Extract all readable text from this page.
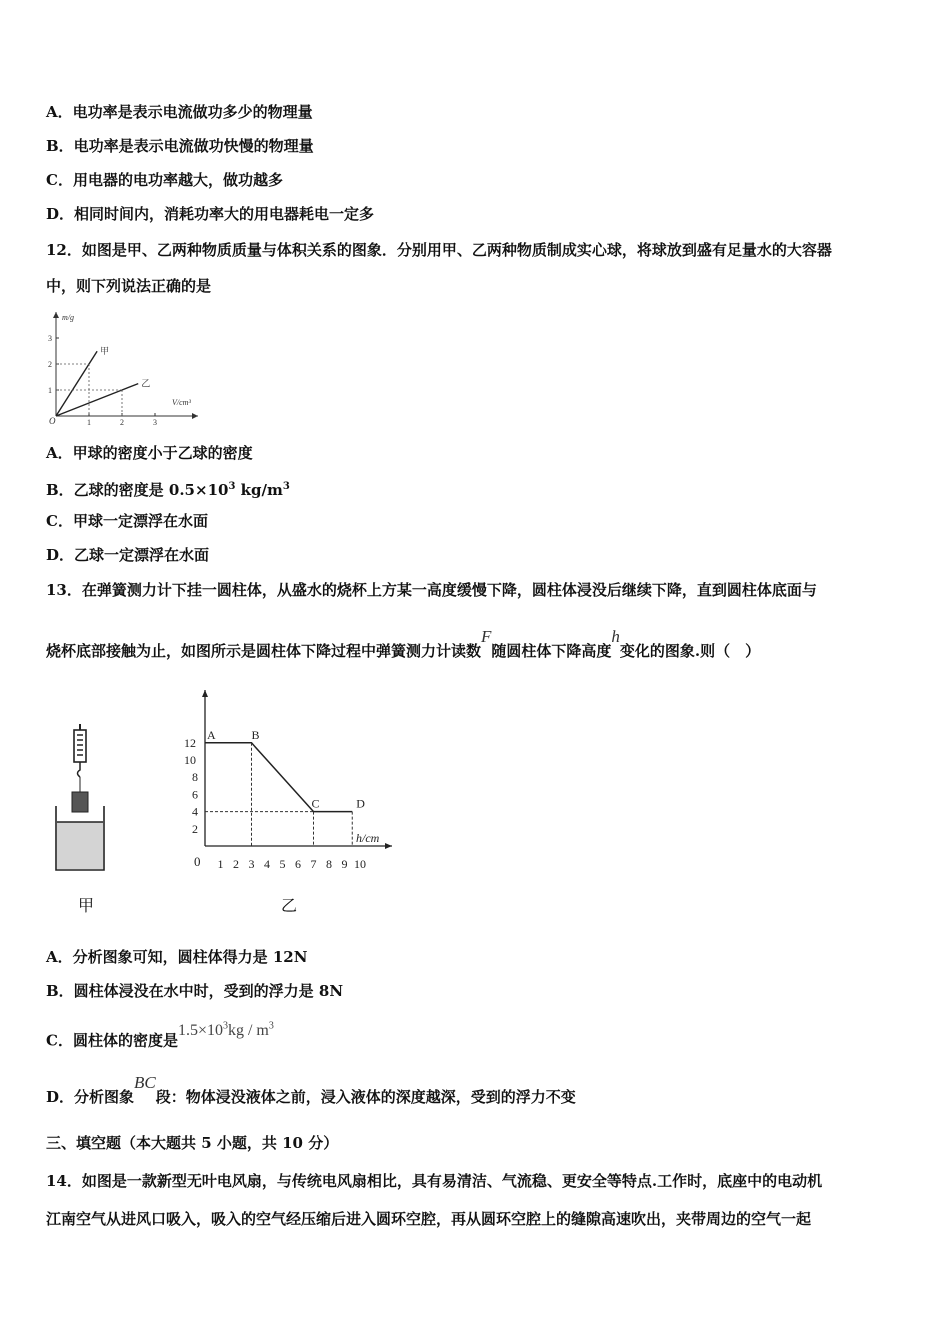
A．电功率是表示电流做功多少的物理量
B．电功率是表示电流做功快慢的物理量
C．用电器的电功率越大，做功越多
D．相同时间内，消耗功率大的用电器耗电一定多
12．如图是甲、乙两种物质质量与体积关系的图象．分别用甲、乙两种物质制成实心球，将球放到盛有足量水的大容器
中，则下列说法正确的是
m/g
V/cm³
O	1	2	3
1
2
3
甲
乙
A．甲球的密度小于乙球的密度
B．乙球的密度是 $0.5\times 10^3$ $kg/m^3$
C．甲球一定漂浮在水面
D．乙球一定漂浮在水面
13．在弹簧测力计下挂一圆柱体，从盛水的烧杯上方某一高度缓慢下降，圆柱体浸没后继续下降，直到圆柱体底面与
烧杯底部接触为止，如图所示是圆柱体下降过程中弹簧测力计读数F随圆柱体下降高度h变化的图象.则（　）
甲
h/cm
0 1 2 3 4 5 6 7 8 9 10
2
4
6
8
10
12
A	B
C	D
乙
A．分析图象可知，圆柱体得力是 12N
B．圆柱体浸没在水中时，受到的浮力是 8N
C．圆柱体的密度是$1.5\times 10^3kg / m^3$
D．分析图象BC段：物体浸没液体之前，浸入液体的深度越深，受到的浮力不变
三、填空题（本大题共 5 小题，共 10 分）
14．如图是一款新型无叶电风扇，与传统电风扇相比，具有易清洁、气流稳、更安全等特点.工作时，底座中的电动机
江南空气从进风口吸入，吸入的空气经压缩后进入圆环空腔，再从圆环空腔上的缝隙高速吹出，夹带周边的空气一起
